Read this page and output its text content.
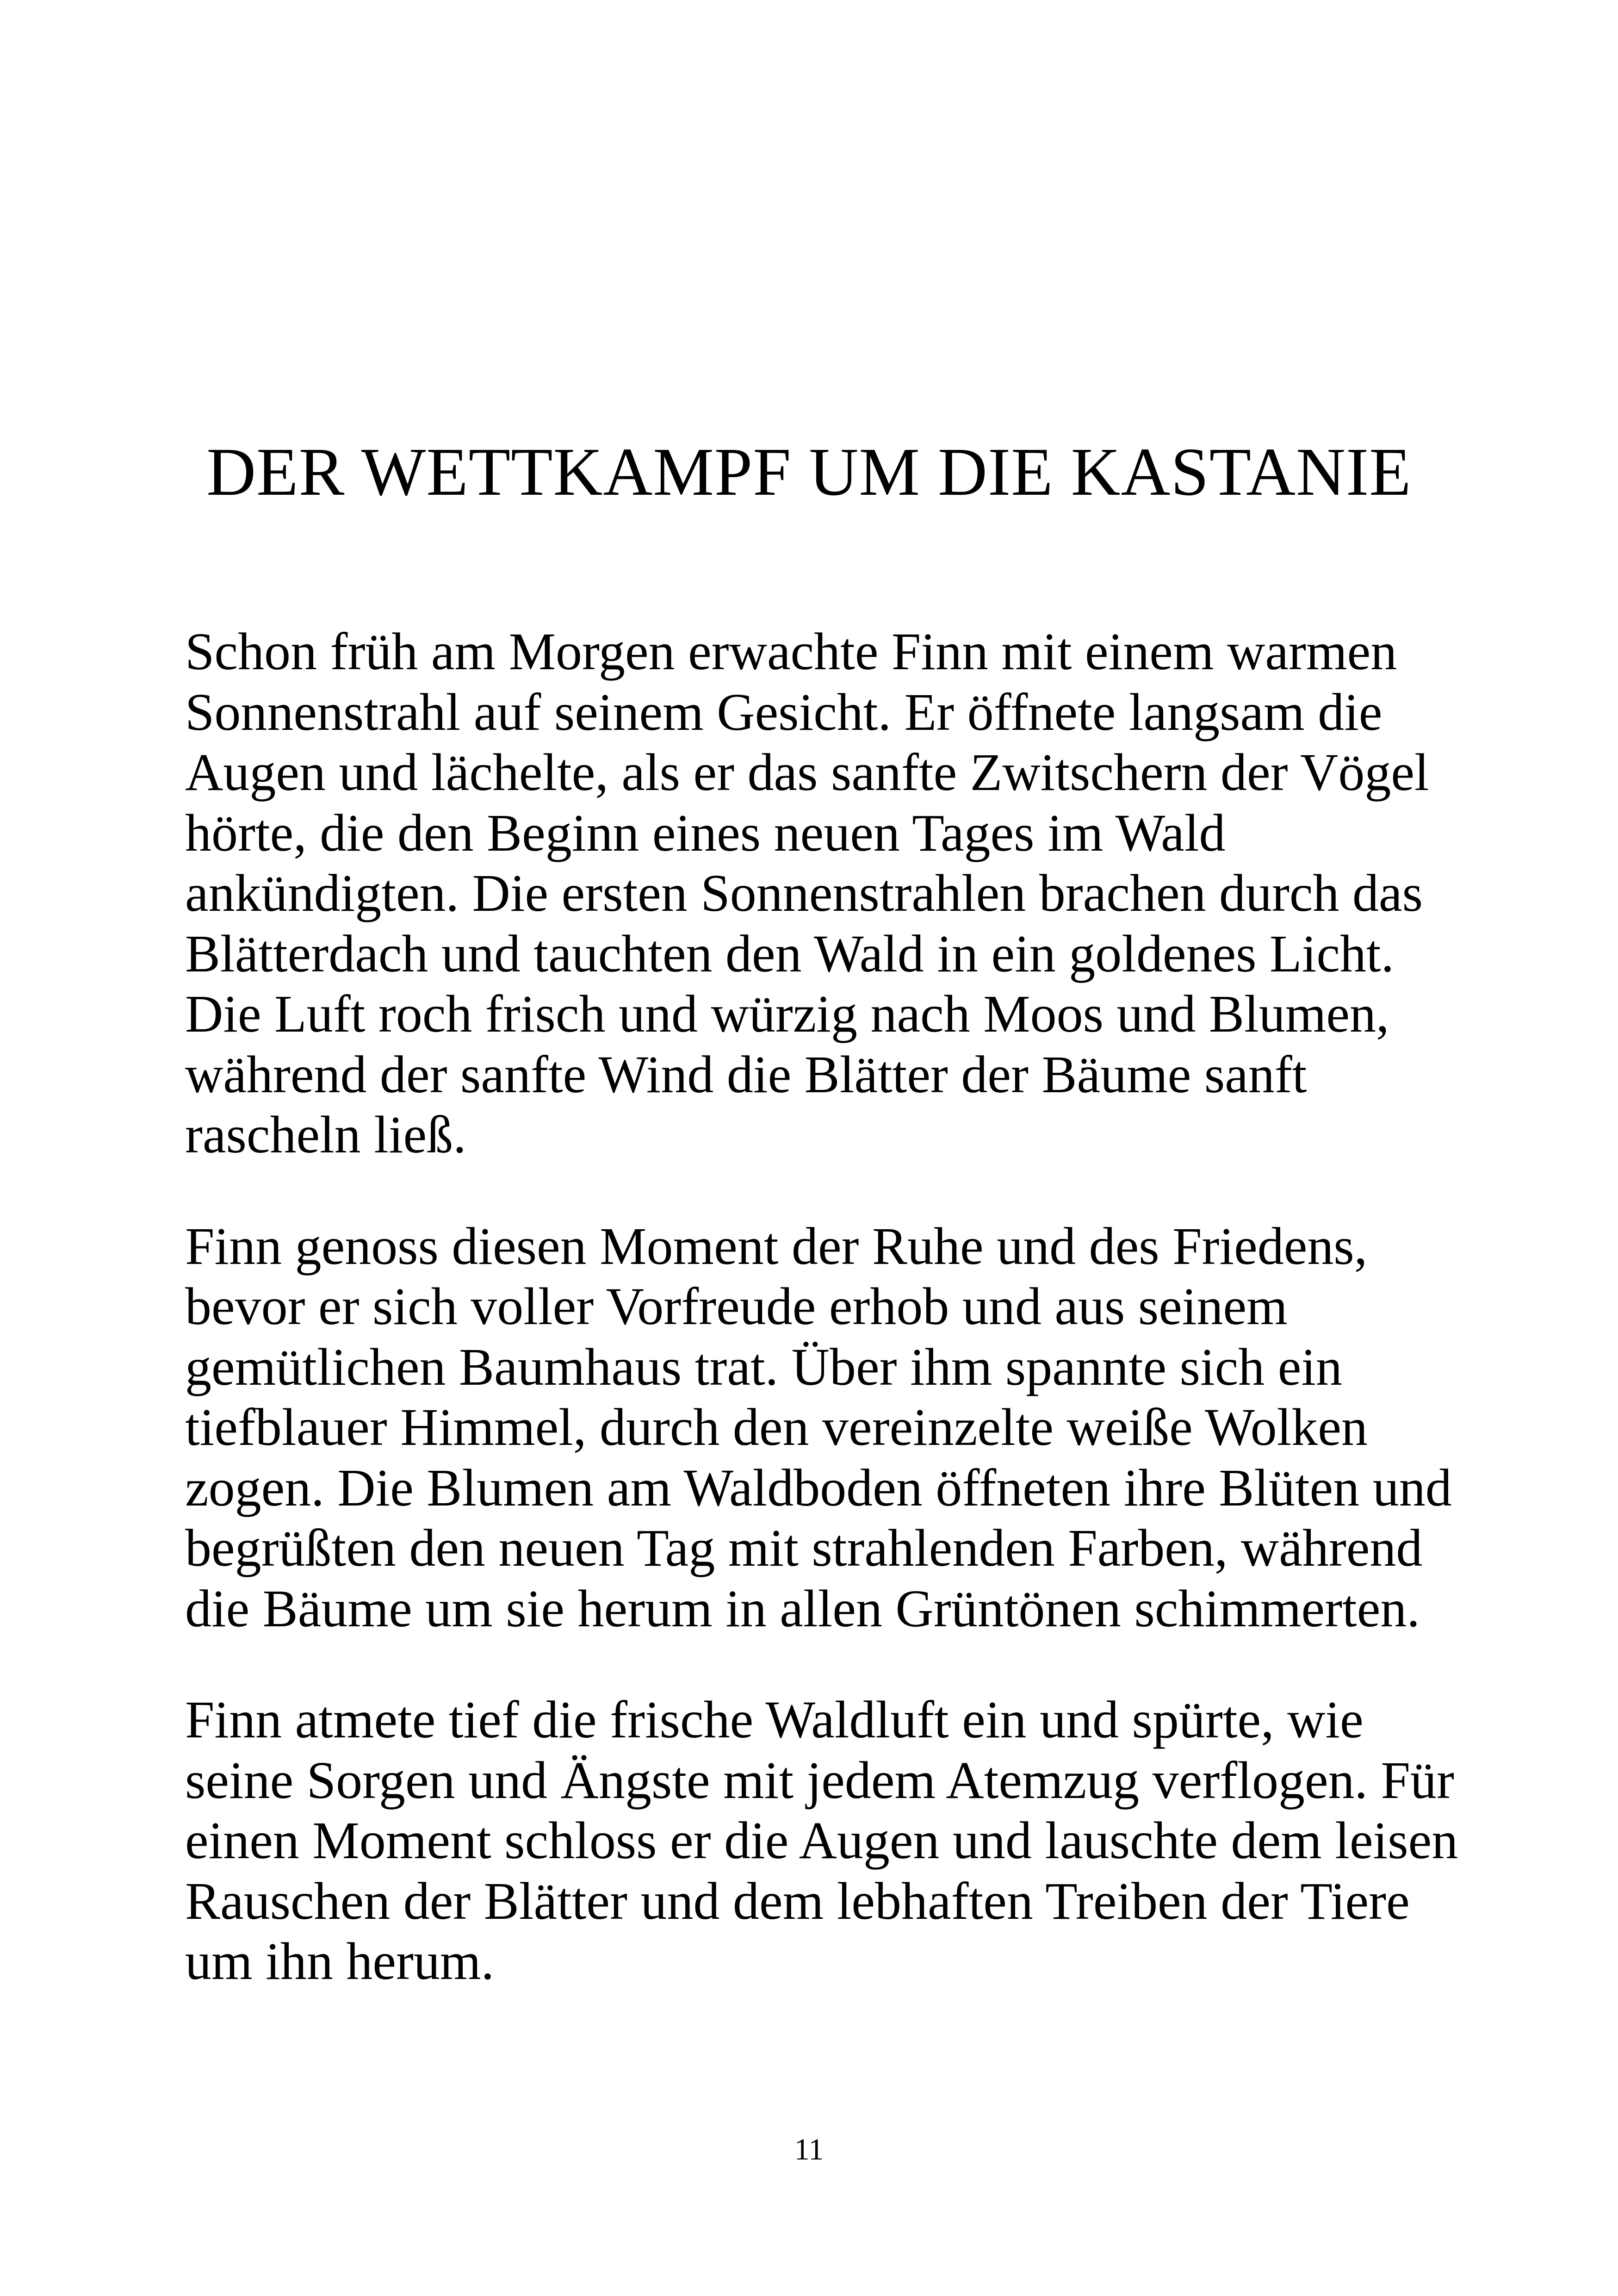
DER WETTKAMPF UM DIE KASTANIE

Schon früh am Morgen erwachte Finn mit einem warmen
Sonnenstrahl auf seinem Gesicht. Er öffnete langsam die
Augen und lächelte, als er das sanfte Zwitschern der Vögel
hörte, die den Beginn eines neuen Tages im Wald
ankündigten. Die ersten Sonnenstrahlen brachen durch das
Blätterdach und tauchten den Wald in ein goldenes Licht.
Die Luft roch frisch und würzig nach Moos und Blumen,
während der sanfte Wind die Blätter der Bäume sanft
rascheln ließ.

Finn genoss diesen Moment der Ruhe und des Friedens,
bevor er sich voller Vorfreude erhob und aus seinem
gemütlichen Baumhaus trat. Über ihm spannte sich ein
tiefblauer Himmel, durch den vereinzelte weiße Wolken
zogen. Die Blumen am Waldboden öffneten ihre Blüten und
begrüßten den neuen Tag mit strahlenden Farben, während
die Bäume um sie herum in allen Grüntönen schimmerten.

Finn atmete tief die frische Waldluft ein und spürte, wie
seine Sorgen und Ängste mit jedem Atemzug verflogen. Für
einen Moment schloss er die Augen und lauschte dem leisen
Rauschen der Blätter und dem lebhaften Treiben der Tiere
um ihn herum.

11
